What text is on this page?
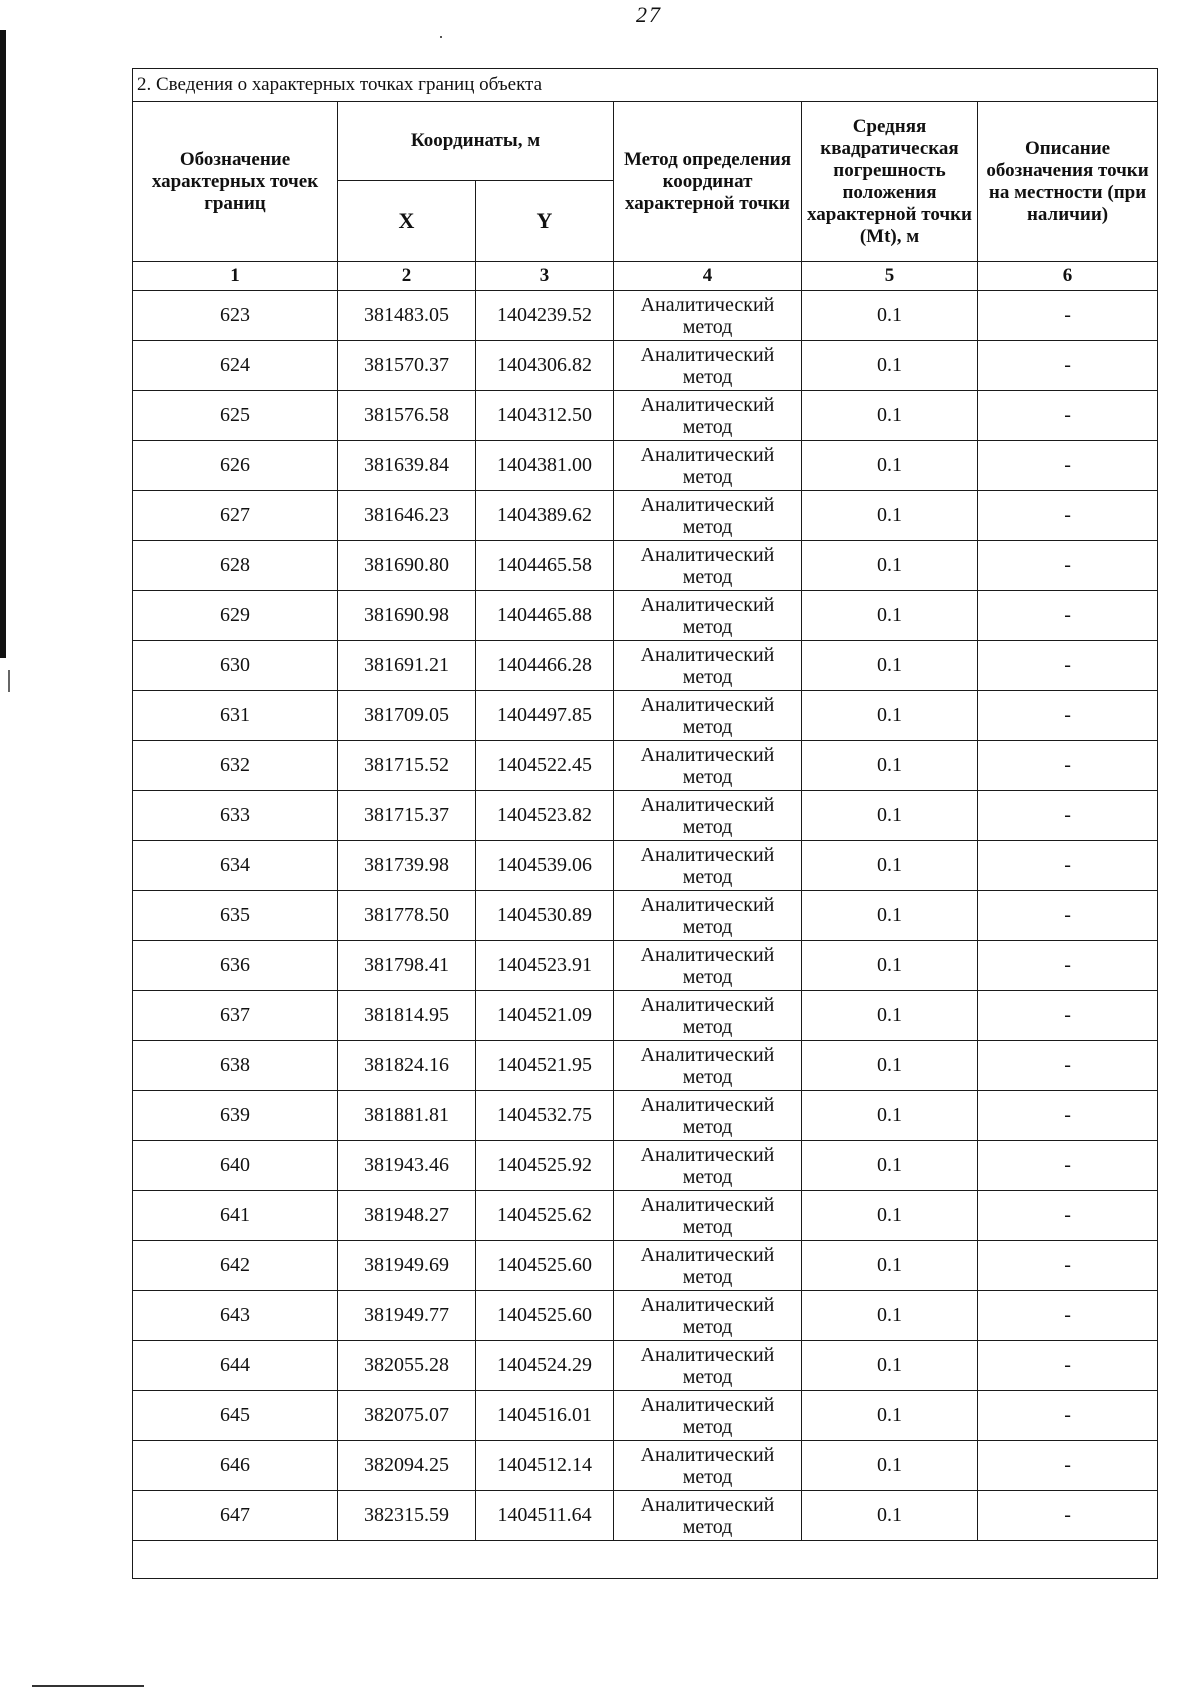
27
2. Сведения о характерных точках границ объекта					
Обозначение характерных точек границ	Координаты, м		Метод определения координат характерной точки	Средняя квадратическая погрешность положения характерной точки (Mt), м	Описание обозначения точки на местности (при наличии)
	X	Y			
1	2	3	4	5	6
623	381483.05	1404239.52	Аналитический метод	0.1	-
624	381570.37	1404306.82	Аналитический метод	0.1	-
625	381576.58	1404312.50	Аналитический метод	0.1	-
626	381639.84	1404381.00	Аналитический метод	0.1	-
627	381646.23	1404389.62	Аналитический метод	0.1	-
628	381690.80	1404465.58	Аналитический метод	0.1	-
629	381690.98	1404465.88	Аналитический метод	0.1	-
630	381691.21	1404466.28	Аналитический метод	0.1	-
631	381709.05	1404497.85	Аналитический метод	0.1	-
632	381715.52	1404522.45	Аналитический метод	0.1	-
633	381715.37	1404523.82	Аналитический метод	0.1	-
634	381739.98	1404539.06	Аналитический метод	0.1	-
635	381778.50	1404530.89	Аналитический метод	0.1	-
636	381798.41	1404523.91	Аналитический метод	0.1	-
637	381814.95	1404521.09	Аналитический метод	0.1	-
638	381824.16	1404521.95	Аналитический метод	0.1	-
639	381881.81	1404532.75	Аналитический метод	0.1	-
640	381943.46	1404525.92	Аналитический метод	0.1	-
641	381948.27	1404525.62	Аналитический метод	0.1	-
642	381949.69	1404525.60	Аналитический метод	0.1	-
643	381949.77	1404525.60	Аналитический метод	0.1	-
644	382055.28	1404524.29	Аналитический метод	0.1	-
645	382075.07	1404516.01	Аналитический метод	0.1	-
646	382094.25	1404512.14	Аналитический метод	0.1	-
647	382315.59	1404511.64	Аналитический метод	0.1	-
